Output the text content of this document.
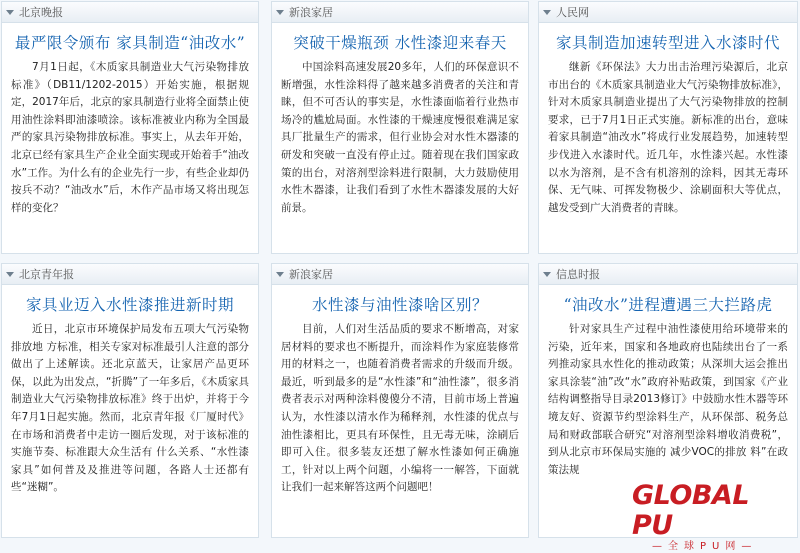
北京晚报
最严限令颁布 家具制造“油改水”
7月1日起，《木质家具制造业大气污染物排放标准》（DB11/1202-2015）开始实施，根据规定，2017年后，北京的家具制造行业将全面禁止使用油性涂料即油漆喷涂。该标准被业内称为全国最严的家具污染物排放标准。事实上，从去年开始，北京已经有家具生产企业全面实现或开始着手“油改水”工作。为什么有的企业先行一步，有些企业却仍按兵不动？“油改水”后，木作产品市场又将出现怎样的变化？
新浪家居
突破干燥瓶颈 水性漆迎来春天
中国涂料高速发展20多年，人们的环保意识不断增强，水性涂料得了越来越多消费者的关注和青睐，但不可否认的事实是，水性漆面临着行业热市场冷的尴尬局面。水性漆的干燥速度慢很难满足家具厂批量生产的需求，但行业协会对水性木器漆的研发和突破一直没有停止过。随着现在我们国家政策的出台，对溶剂型涂料进行限制，大力鼓励使用水性木器漆，让我们看到了水性木器漆发展的大好前景。
人民网
家具制造加速转型进入水漆时代
继新《环保法》大力出击治理污染源后，北京市出台的《木质家具制造业大气污染物排放标准》，针对木质家具制造业提出了大气污染物排放的控制要求，已于7月1日正式实施。新标准的出台，意味着家具制造“油改水”将成行业发展趋势，加速转型步伐进入水漆时代。近几年，水性漆兴起。水性漆以水为溶剂，是不含有机溶剂的涂料，因其无毒环保、无气味、可挥发物极少、涂刷面积大等优点，越发受到广大消费者的青睐。
北京青年报
家具业迈入水性漆推进新时期
近日，北京市环境保护局发布五项大气污染物排放地 方标准，相关专家对标准最引人注意的部分做出了上述解读。还北京蓝天，让家居产品更环保，以此为出发点，“折腾”了一年多后，《木质家具制造业大气污染物排放标准》终于出炉，并将于今年7月1日起实施。然而，北京青年报《厂厦时代》在市场和消费者中走访一圈后发现，对于该标准的实施节奏、标准跟大众生活有 什么关系、“水性漆家具”如何普及及推进等问题，各路人士还都有些“迷糊”。
新浪家居
水性漆与油性漆啥区别？
目前，人们对生活品质的要求不断增高，对家居材料的要求也不断提升，而涂料作为家庭装修常用的材料之一，也随着消费者需求的升级而升级。最近，听到最多的是“水性漆”和“油性漆”，很多消费者表示对两种涂料傻傻分不清，目前市场上普遍认为，水性漆以清水作为稀释剂，水性漆的优点与油性漆相比，更具有环保性，且无毒无味，涂刷后即可入住。很多装友还想了解水性漆如何正确施工，针对以上两个问题，小编将一一解答，下面就让我们一起来解答这两个问题吧！
信息时报
“油改水”进程遭遇三大拦路虎
针对家具生产过程中油性漆使用给环境带来的污染，近年来，国家和各地政府也陆续出台了一系列推动家具水性化的推动政策；从深圳大运会推出家具涂装“油”改“水”政府补贴政策，到国家《产业结构调整指导目录2013修订》中鼓励水性木器等环境友好、资源节约型涂料生产，从环保部、税务总局和财政部联合研究“对溶剂型涂料增收消费税”，到从北京市环保局实施的 减少VOC的排放 料”在政策法规
GLOBAL PU
—全球PU网—
